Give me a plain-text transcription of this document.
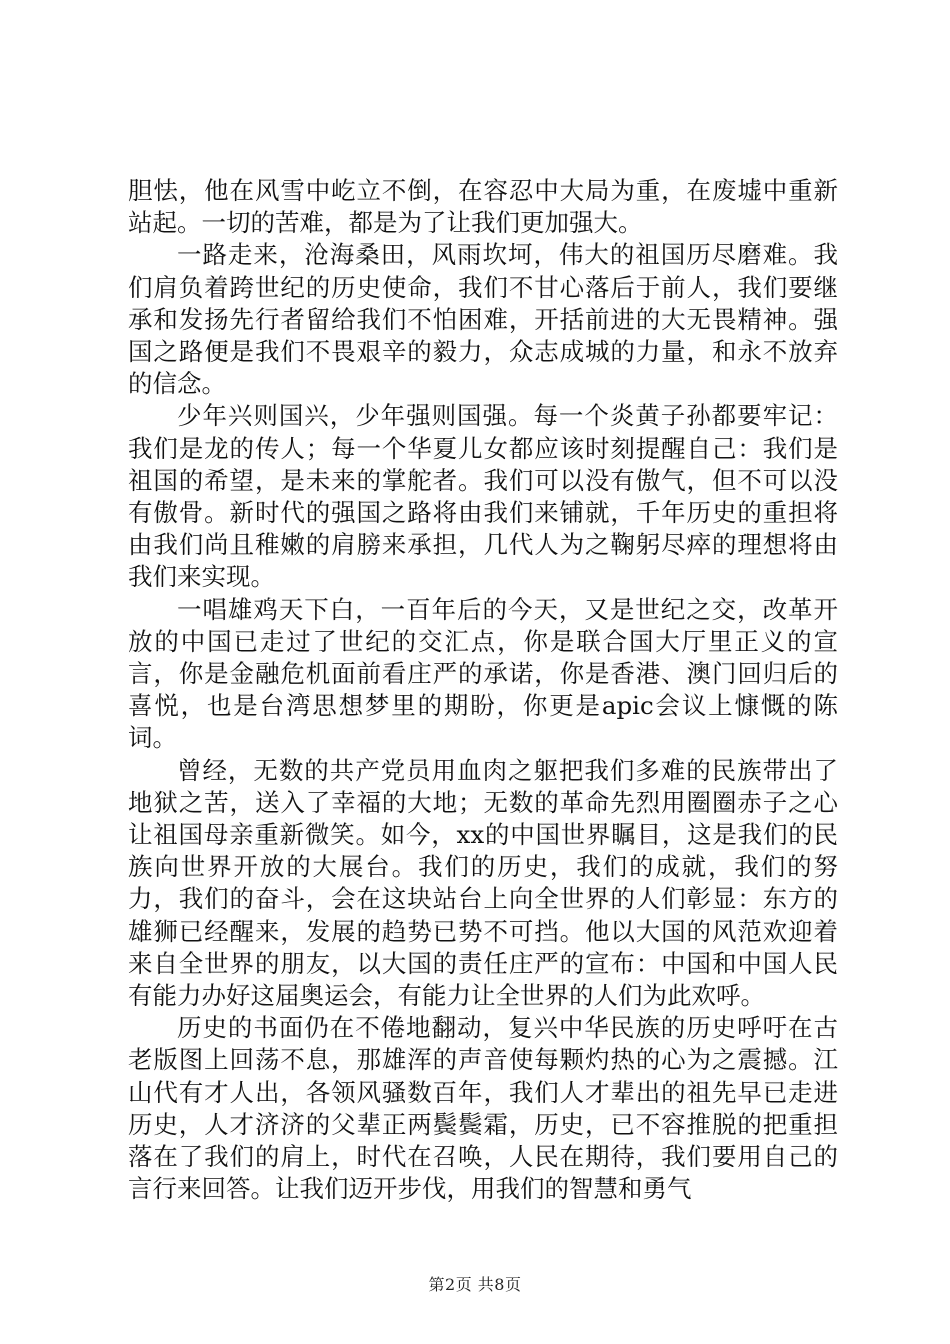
胆怯，他在风雪中屹立不倒，在容忍中大局为重，在废墟中重新站起。一切的苦难，都是为了让我们更加强大。

一路走来，沧海桑田，风雨坎坷，伟大的祖国历尽磨难。我们肩负着跨世纪的历史使命，我们不甘心落后于前人，我们要继承和发扬先行者留给我们不怕困难，开括前进的大无畏精神。强国之路便是我们不畏艰辛的毅力，众志成城的力量，和永不放弃的信念。

少年兴则国兴，少年强则国强。每一个炎黄子孙都要牢记：我们是龙的传人；每一个华夏儿女都应该时刻提醒自己：我们是祖国的希望，是未来的掌舵者。我们可以没有傲气，但不可以没有傲骨。新时代的强国之路将由我们来铺就，千年历史的重担将由我们尚且稚嫩的肩膀来承担，几代人为之鞠躬尽瘁的理想将由我们来实现。

一唱雄鸡天下白，一百年后的今天，又是世纪之交，改革开放的中国已走过了世纪的交汇点，你是联合国大厅里正义的宣言，你是金融危机面前看庄严的承诺，你是香港、澳门回归后的喜悦，也是台湾思想梦里的期盼，你更是apic会议上慷慨的陈词。

曾经，无数的共产党员用血肉之躯把我们多难的民族带出了地狱之苦，送入了幸福的大地；无数的革命先烈用圈圈赤子之心让祖国母亲重新微笑。如今，xx的中国世界瞩目，这是我们的民族向世界开放的大展台。我们的历史，我们的成就，我们的努力，我们的奋斗，会在这块站台上向全世界的人们彰显：东方的雄狮已经醒来，发展的趋势已势不可挡。他以大国的风范欢迎着来自全世界的朋友，以大国的责任庄严的宣布：中国和中国人民有能力办好这届奥运会，有能力让全世界的人们为此欢呼。

历史的书面仍在不倦地翻动，复兴中华民族的历史呼吁在古老版图上回荡不息，那雄浑的声音使每颗灼热的心为之震撼。江山代有才人出，各领风骚数百年，我们人才辈出的祖先早已走进历史，人才济济的父辈正两鬓鬓霜，历史，已不容推脱的把重担落在了我们的肩上，时代在召唤，人民在期待，我们要用自己的言行来回答。让我们迈开步伐，用我们的智慧和勇气

第2页 共8页
